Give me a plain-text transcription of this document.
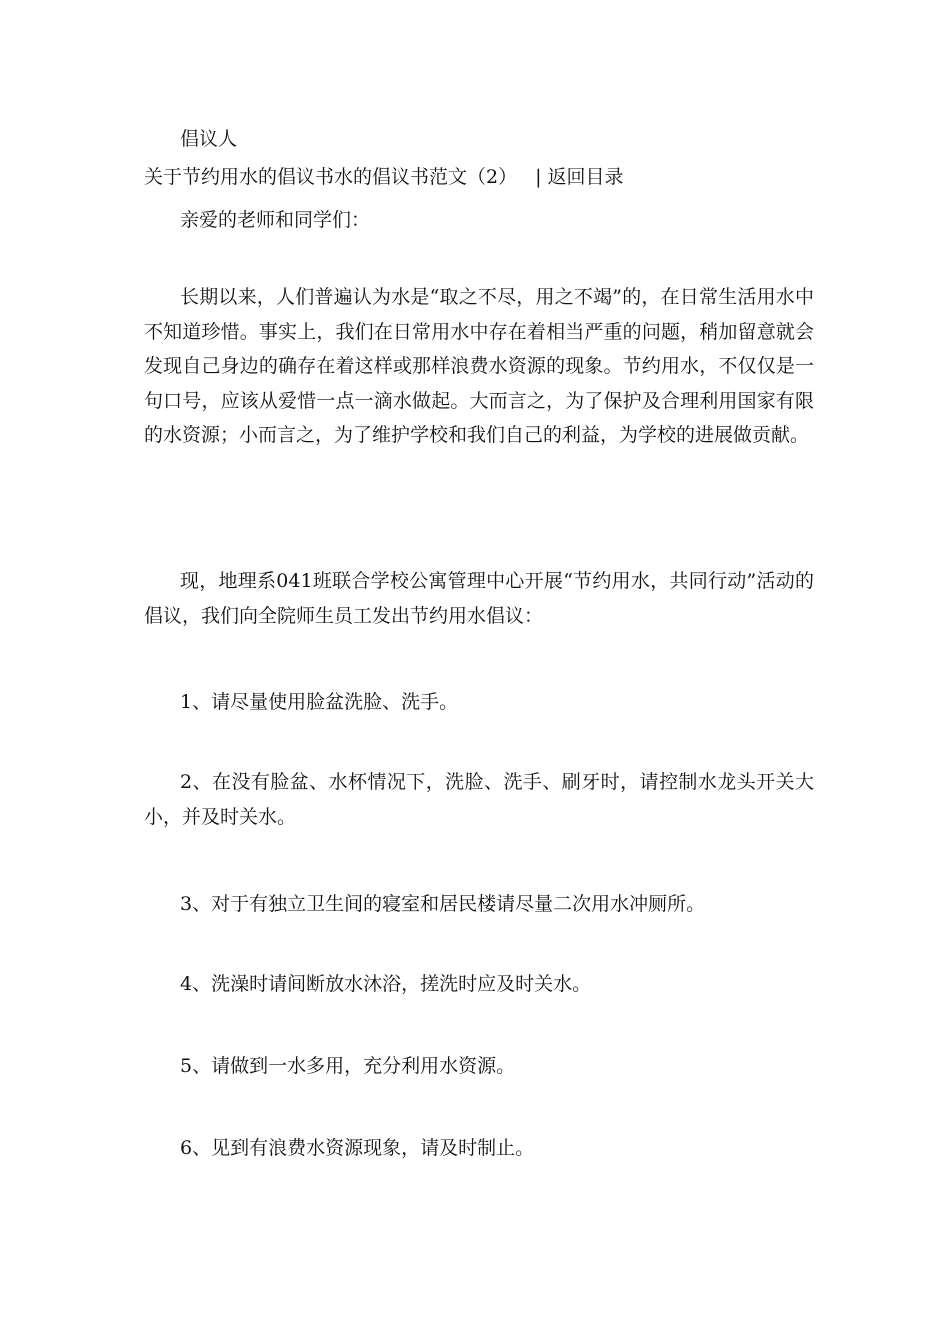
倡议人

关于节约用水的倡议书水的倡议书范文（2） | 返回目录

亲爱的老师和同学们：

长期以来，人们普遍认为水是“取之不尽，用之不竭”的，在日常生活用水中不知道珍惜。事实上，我们在日常用水中存在着相当严重的问题，稍加留意就会发现自己身边的确存在着这样或那样浪费水资源的现象。节约用水，不仅仅是一句口号，应该从爱惜一点一滴水做起。大而言之，为了保护及合理利用国家有限的水资源；小而言之，为了维护学校和我们自己的利益，为学校的进展做贡献。

现，地理系041班联合学校公寓管理中心开展“节约用水，共同行动”活动的倡议，我们向全院师生员工发出节约用水倡议：

1、请尽量使用脸盆洗脸、洗手。

2、在没有脸盆、水杯情况下，洗脸、洗手、刷牙时，请控制水龙头开关大小，并及时关水。

3、对于有独立卫生间的寝室和居民楼请尽量二次用水冲厕所。

4、洗澡时请间断放水沐浴，搓洗时应及时关水。

5、请做到一水多用，充分利用水资源。

6、见到有浪费水资源现象，请及时制止。
